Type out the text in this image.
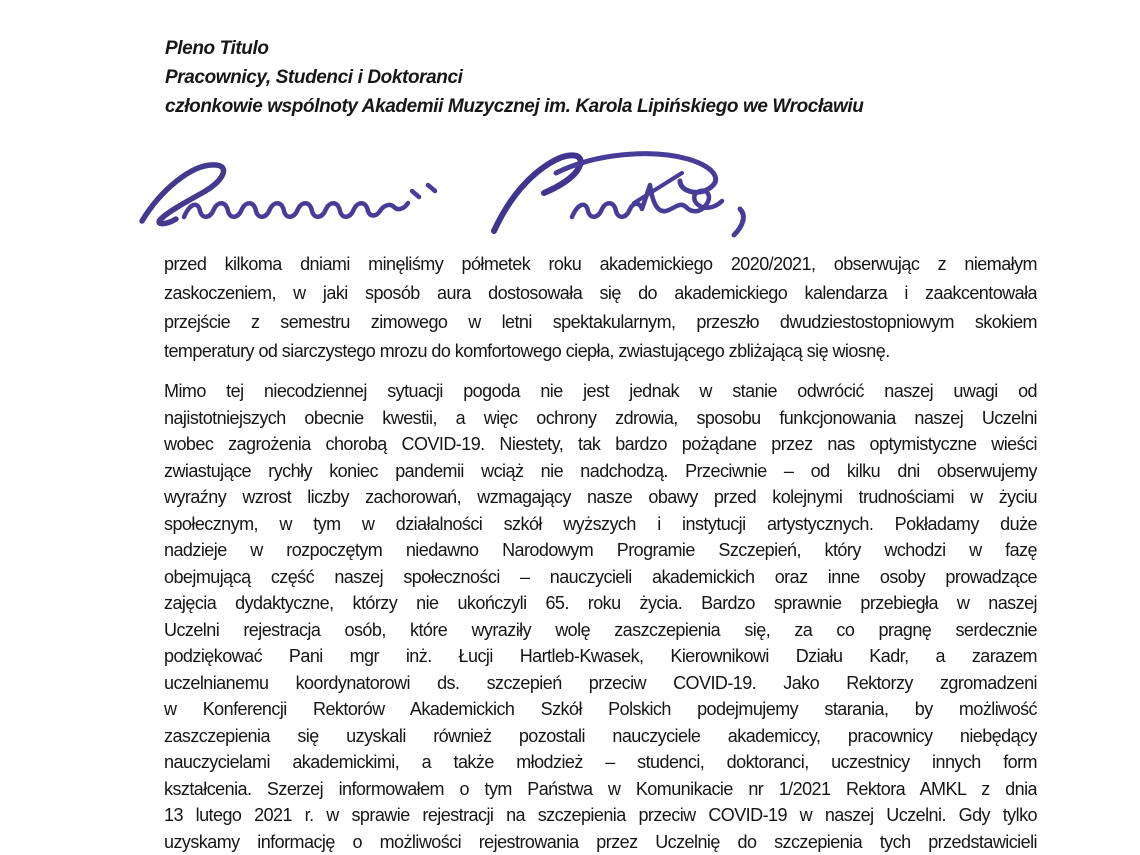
Pleno Titulo
Pracownicy, Studenci i Doktoranci
członkowie wspólnoty Akademii Muzycznej im. Karola Lipińskiego we Wrocławiu
przed kilkoma dniami minęliśmy półmetek roku akademickiego 2020/2021, obserwując z niemałym
zaskoczeniem, w jaki sposób aura dostosowała się do akademickiego kalendarza i zaakcentowała
przejście z semestru zimowego w letni spektakularnym, przeszło dwudziestostopniowym skokiem
temperatury od siarczystego mrozu do komfortowego ciepła, zwiastującego zbliżającą się wiosnę.
Mimo tej niecodziennej sytuacji pogoda nie jest jednak w stanie odwrócić naszej uwagi od
najistotniejszych obecnie kwestii, a więc ochrony zdrowia, sposobu funkcjonowania naszej Uczelni
wobec zagrożenia chorobą COVID-19. Niestety, tak bardzo pożądane przez nas optymistyczne wieści
zwiastujące rychły koniec pandemii wciąż nie nadchodzą. Przeciwnie – od kilku dni obserwujemy
wyraźny wzrost liczby zachorowań, wzmagający nasze obawy przed kolejnymi trudnościami w życiu
społecznym, w tym w działalności szkół wyższych i instytucji artystycznych. Pokładamy duże
nadzieje w rozpoczętym niedawno Narodowym Programie Szczepień, który wchodzi w fazę
obejmującą część naszej społeczności – nauczycieli akademickich oraz inne osoby prowadzące
zajęcia dydaktyczne, którzy nie ukończyli 65. roku życia. Bardzo sprawnie przebiegła w naszej
Uczelni rejestracja osób, które wyraziły wolę zaszczepienia się, za co pragnę serdecznie
podziękować Pani mgr inż. Łucji Hartleb-Kwasek, Kierownikowi Działu Kadr, a zarazem
uczelnianemu koordynatorowi ds. szczepień przeciw COVID-19. Jako Rektorzy zgromadzeni
w Konferencji Rektorów Akademickich Szkół Polskich podejmujemy starania, by możliwość
zaszczepienia się uzyskali również pozostali nauczyciele akademiccy, pracownicy niebędący
nauczycielami akademickimi, a także młodzież – studenci, doktoranci, uczestnicy innych form
kształcenia. Szerzej informowałem o tym Państwa w Komunikacie nr 1/2021 Rektora AMKL z dnia
13 lutego 2021 r. w sprawie rejestracji na szczepienia przeciw COVID-19 w naszej Uczelni. Gdy tylko
uzyskamy informację o możliwości rejestrowania przez Uczelnię do szczepienia tych przedstawicieli
